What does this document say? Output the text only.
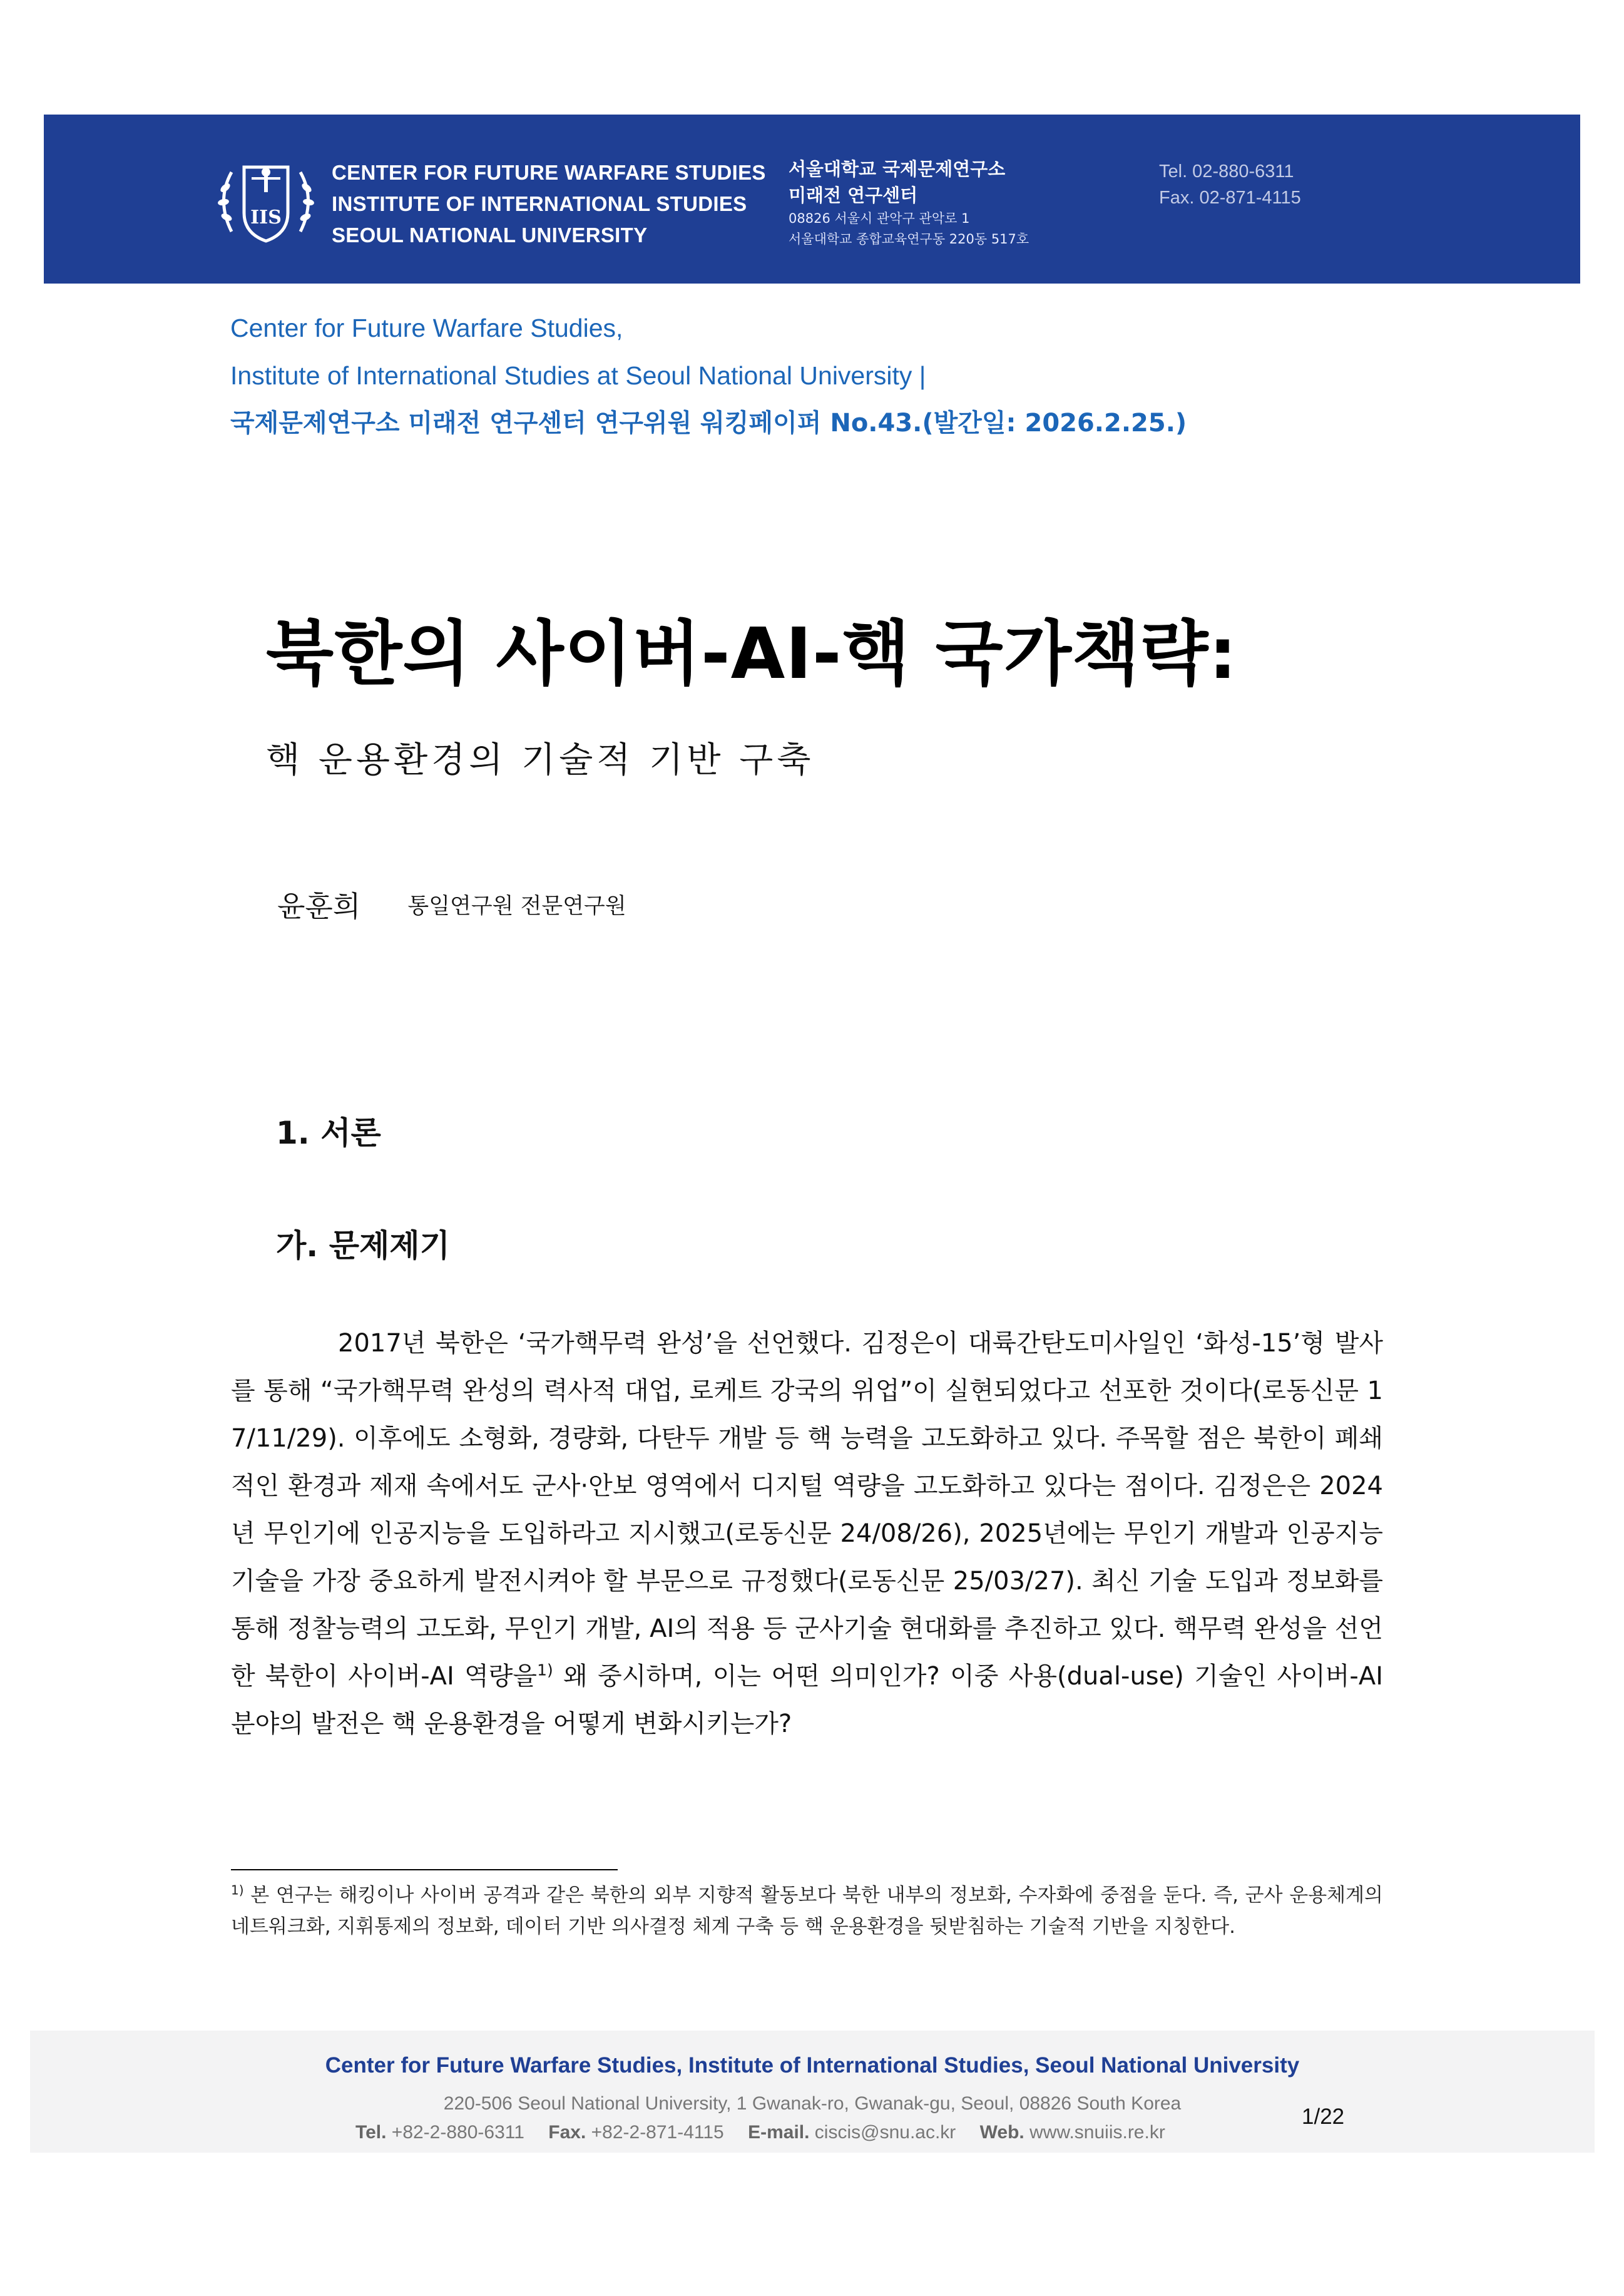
IIS
CENTER FOR FUTURE WARFARE STUDIES
INSTITUTE OF INTERNATIONAL STUDIES
SEOUL NATIONAL UNIVERSITY
서울대학교 국제문제연구소
미래전 연구센터
08826 서울시 관악구 관악로 1
서울대학교 종합교육연구동 220동 517호
Tel. 02-880-6311
Fax. 02-871-4115
Center for Future Warfare Studies,
Institute of International Studies at Seoul National University |
국제문제연구소 미래전 연구센터 연구위원 워킹페이퍼 No.43.(발간일: 2026.2.25.)
북한의 사이버-AI-핵 국가책략:
핵 운용환경의 기술적 기반 구축
윤훈희 통일연구원 전문연구원
1. 서론
가. 문제제기
2017년 북한은 ‘국가핵무력 완성’을 선언했다. 김정은이 대륙간탄도미사일인 ‘화성-15’형 발사를 통해 “국가핵무력 완성의 력사적 대업, 로케트 강국의 위업”이 실현되었다고 선포한 것이다(로동신문 17/11/29). 이후에도 소형화, 경량화, 다탄두 개발 등 핵 능력을 고도화하고 있다. 주목할 점은 북한이 폐쇄적인 환경과 제재 속에서도 군사·안보 영역에서 디지털 역량을 고도화하고 있다는 점이다. 김정은은 2024년 무인기에 인공지능을 도입하라고 지시했고(로동신문 24/08/26), 2025년에는 무인기 개발과 인공지능 기술을 가장 중요하게 발전시켜야 할 부문으로 규정했다(로동신문 25/03/27). 최신 기술 도입과 정보화를 통해 정찰능력의 고도화, 무인기 개발, AI의 적용 등 군사기술 현대화를 추진하고 있다. 핵무력 완성을 선언한 북한이 사이버-AI 역량을$^{1)}$ 왜 중시하며, 이는 어떤 의미인가? 이중 사용(dual-use) 기술인 사이버-AI 분야의 발전은 핵 운용환경을 어떻게 변화시키는가?
$^{1)}$ 본 연구는 해킹이나 사이버 공격과 같은 북한의 외부 지향적 활동보다 북한 내부의 정보화, 수자화에 중점을 둔다. 즉, 군사 운용체계의 네트워크화, 지휘통제의 정보화, 데이터 기반 의사결정 체계 구축 등 핵 운용환경을 뒷받침하는 기술적 기반을 지칭한다.
Center for Future Warfare Studies, Institute of International Studies, Seoul National University
220-506 Seoul National University, 1 Gwanak-ro, Gwanak-gu, Seoul, 08826 South Korea
Tel. +82-2-880-6311 Fax. +82-2-871-4115 E-mail. ciscis@snu.ac.kr Web. www.snuiis.re.kr
1/22
